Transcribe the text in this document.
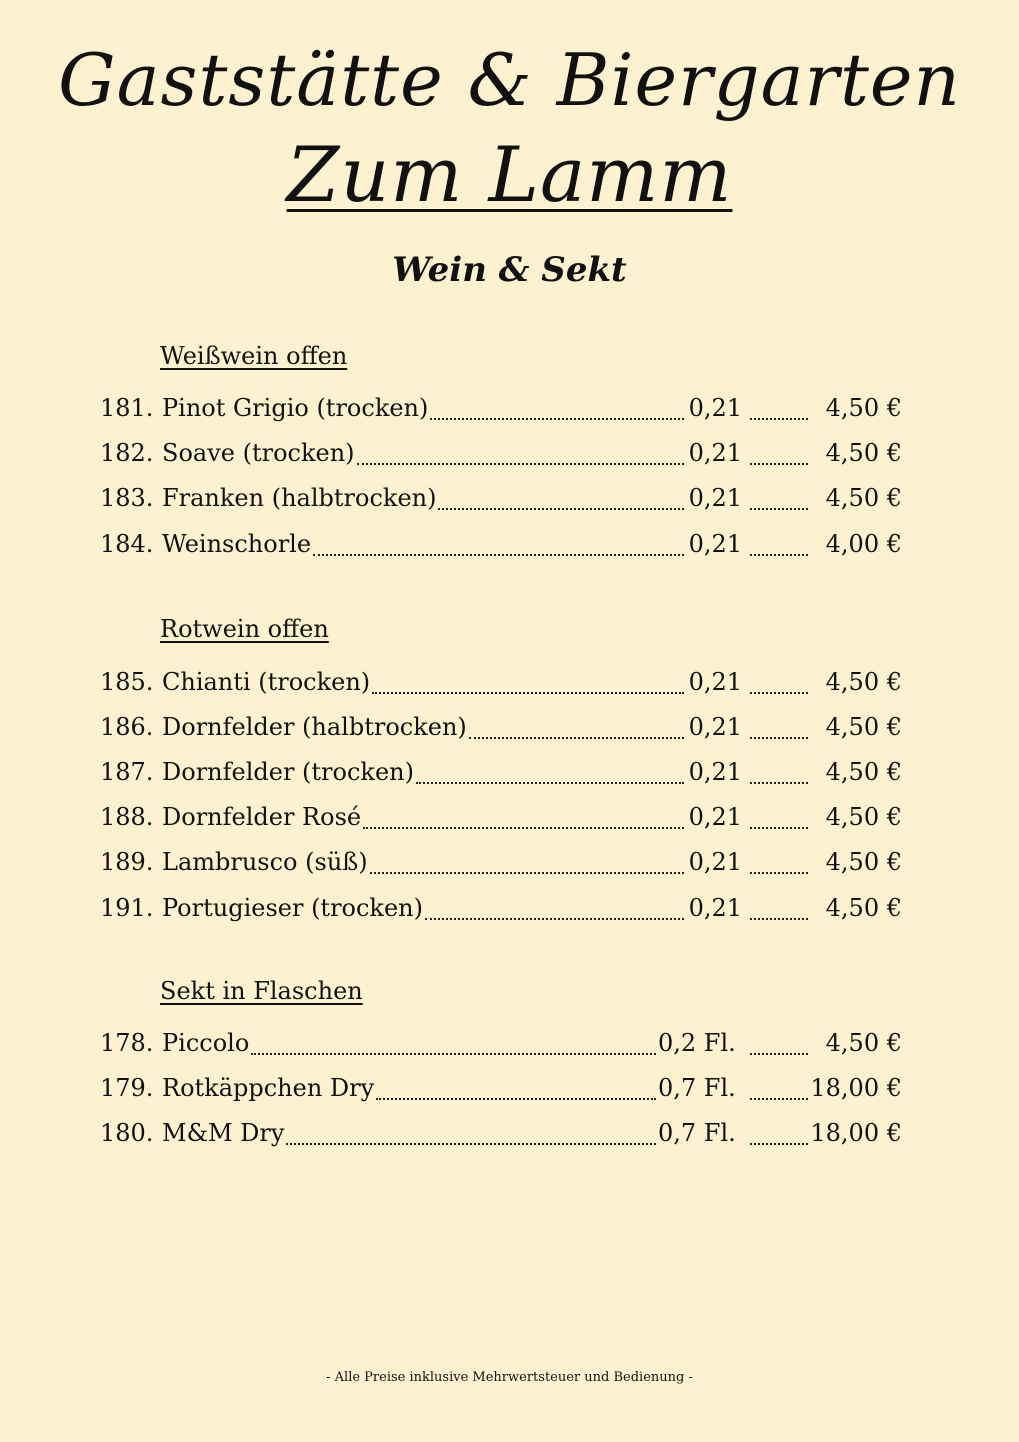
Gaststätte & Biergarten
Zum Lamm
Wein & Sekt
Weißwein offen
181. Pinot Grigio (trocken)	0,21	4,50 €
182. Soave (trocken)	0,21	4,50 €
183. Franken (halbtrocken)	0,21	4,50 €
184. Weinschorle	0,21	4,00 €
Rotwein offen
185. Chianti (trocken)	0,21	4,50 €
186. Dornfelder (halbtrocken)	0,21	4,50 €
187. Dornfelder (trocken)	0,21	4,50 €
188. Dornfelder Rosé	0,21	4,50 €
189. Lambrusco (süß)	0,21	4,50 €
191. Portugieser (trocken)	0,21	4,50 €
Sekt in Flaschen
178. Piccolo	0,2 Fl.	4,50 €
179. Rotkäppchen Dry	0,7 Fl.	18,00 €
180. M&M Dry	0,7 Fl.	18,00 €
- Alle Preise inklusive Mehrwertsteuer und Bedienung -
